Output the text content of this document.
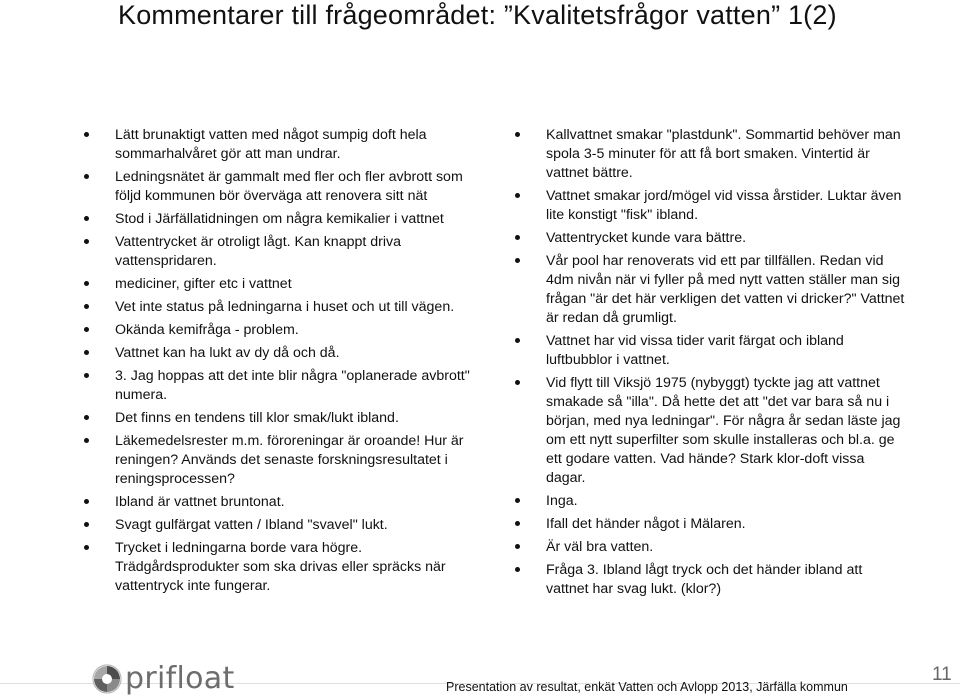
Kommentarer till frågeområdet: ”Kvalitetsfrågor vatten” 1(2)
Lätt brunaktigt vatten med något sumpig doft hela sommarhalvåret gör att man undrar.
Ledningsnätet är gammalt med fler och fler avbrott som följd kommunen bör överväga att renovera sitt nät
Stod i Järfällatidningen om några kemikalier i vattnet
Vattentrycket är otroligt lågt. Kan knappt driva vattenspridaren.
mediciner, gifter etc i vattnet
Vet inte status på ledningarna i huset och ut till vägen.
Okända kemifråga - problem.
Vattnet kan ha lukt av dy då och då.
3. Jag hoppas att det inte blir några "oplanerade avbrott" numera.
Det finns en tendens till klor smak/lukt ibland.
Läkemedelsrester m.m. föroreningar är oroande! Hur är reningen? Används det senaste forskningsresultatet i reningsprocessen?
Ibland är vattnet bruntonat.
Svagt gulfärgat vatten / Ibland "svavel" lukt.
Trycket i ledningarna borde vara högre. Trädgårdsprodukter som ska drivas eller spräcks när vattentryck inte fungerar.
Kallvattnet smakar "plastdunk". Sommartid behöver man spola 3-5 minuter för att få bort smaken. Vintertid är vattnet bättre.
Vattnet smakar jord/mögel vid vissa årstider. Luktar även lite konstigt "fisk" ibland.
Vattentrycket kunde vara bättre.
Vår pool har renoverats vid ett par tillfällen. Redan vid 4dm nivån när vi fyller på med nytt vatten ställer man sig frågan "är det här verkligen det vatten vi dricker?" Vattnet är redan då grumligt.
Vattnet har vid vissa tider varit färgat och ibland luftbubblor i vattnet.
Vid flytt till Viksjö 1975 (nybyggt) tyckte jag att vattnet smakade så "illa". Då hette det att "det var bara så nu i början, med nya ledningar". För några år sedan läste jag om ett nytt superfilter som skulle installeras och bl.a. ge ett godare vatten. Vad hände? Stark klor-doft vissa dagar.
Inga.
Ifall det händer något i Mälaren.
Är väl bra vatten.
Fråga 3. Ibland lågt tryck och det händer ibland att vattnet har svag lukt. (klor?)
prifloat	Presentation av resultat, enkät Vatten och Avlopp 2013, Järfälla kommun
11
